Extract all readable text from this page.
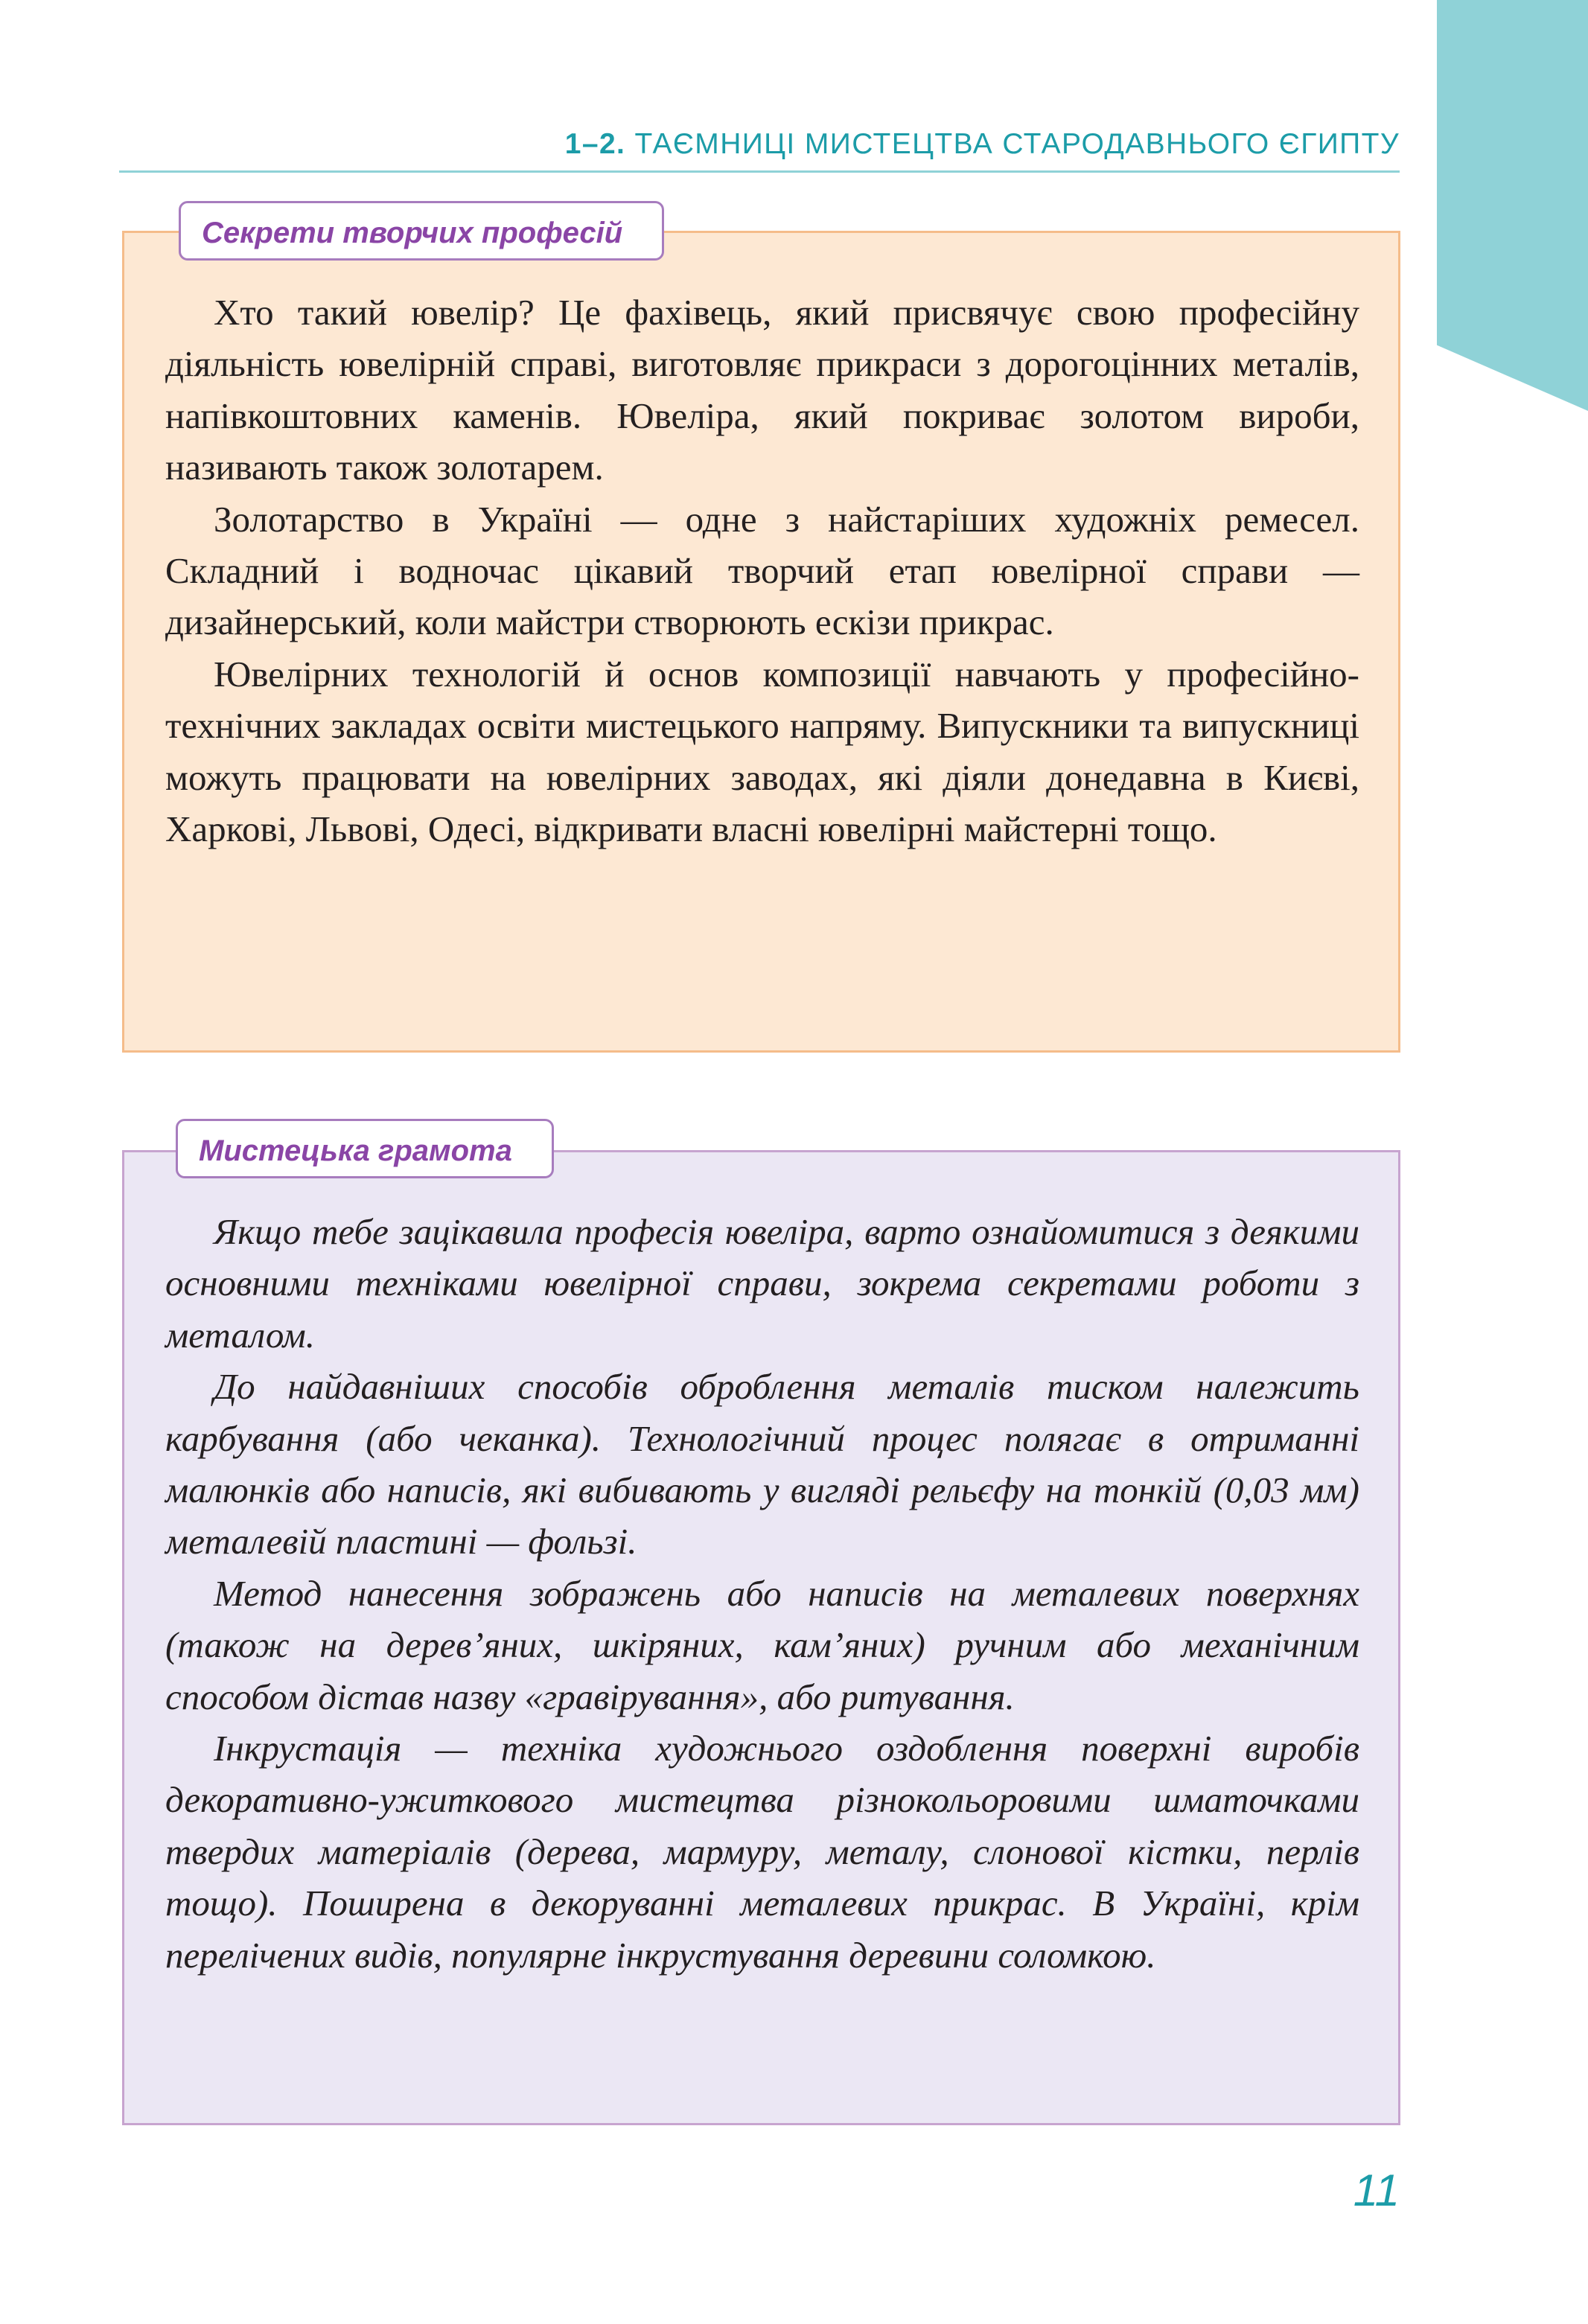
1–2. ТАЄМНИЦІ МИСТЕЦТВА СТАРОДАВНЬОГО ЄГИПТУ

Хто такий ювелір? Це фахівець, який присвячує свою професійну діяльність ювелірній справі, виготовляє прикраси з дорогоцінних металів, напівкоштовних каменів. Ювеліра, який покриває золотом вироби, називають також золотарем.

Золотарство в Україні — одне з найстаріших художніх ремесел. Складний і водночас цікавий творчий етап ювелірної справи — дизайнерський, коли майстри створюють ескізи прикрас.

Ювелірних технологій й основ композиції навчають у професійно-технічних закладах освіти мистецького напряму. Випускники та випускниці можуть працювати на ювелірних заводах, які діяли донедавна в Києві, Харкові, Львові, Одесі, відкривати власні ювелірні майстерні тощо.

Секрети творчих професій

Якщо тебе зацікавила професія ювеліра, варто ознайомитися з деякими основними техніками ювелірної справи, зокрема секретами роботи з металом.

До найдавніших способів оброблення металів тиском належить карбування (або чеканка). Технологічний процес полягає в отриманні малюнків або написів, які вибивають у вигляді рельєфу на тонкій (0,03 мм) металевій пластині — фользі.

Метод нанесення зображень або написів на металевих поверхнях (також на дерев’яних, шкіряних, кам’яних) ручним або механічним способом дістав назву «гравірування», або ритування.

Інкрустація — техніка художнього оздоблення поверхні виробів декоративно-ужиткового мистецтва різнокольоровими шматочками твердих матеріалів (дерева, мармуру, металу, слонової кістки, перлів тощо). Поширена в декоруванні металевих прикрас. В Україні, крім перелічених видів, популярне інкрустування деревини соломкою.

Мистецька грамота
11
